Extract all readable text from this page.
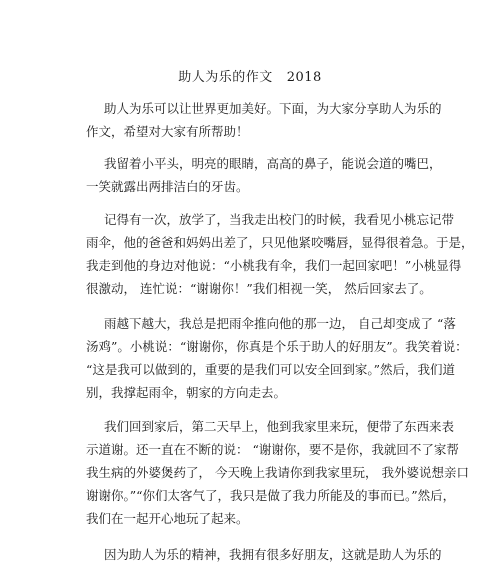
助人为乐的作文 2018
助人为乐可以让世界更加美好。下面，为大家分享助人为乐的
作文，希望对大家有所帮助！
我留着小平头，明亮的眼睛，高高的鼻子，能说会道的嘴巴，
一笑就露出两排洁白的牙齿。
记得有一次，放学了，当我走出校门的时候，我看见小桃忘记带
雨伞，他的爸爸和妈妈出差了，只见他紧咬嘴唇，显得很着急。于是，
我走到他的身边对他说：“小桃我有伞，我们一起回家吧！”小桃显得
很激动， 连忙说：“谢谢你！”我们相视一笑， 然后回家去了。
雨越下越大，我总是把雨伞推向他的那一边， 自己却变成了 “落
汤鸡”。小桃说：“谢谢你，你真是个乐于助人的好朋友”。我笑着说：
“这是我可以做到的，重要的是我们可以安全回到家。”然后，我们道
别，我撑起雨伞，朝家的方向走去。
我们回到家后，第二天早上，他到我家里来玩，便带了东西来表
示道谢。还一直在不断的说： “谢谢你，要不是你，我就回不了家帮
我生病的外婆煲药了， 今天晚上我请你到我家里玩， 我外婆说想亲口
谢谢你。”“你们太客气了，我只是做了我力所能及的事而已。”然后，
我们在一起开心地玩了起来。
因为助人为乐的精神，我拥有很多好朋友，这就是助人为乐的
